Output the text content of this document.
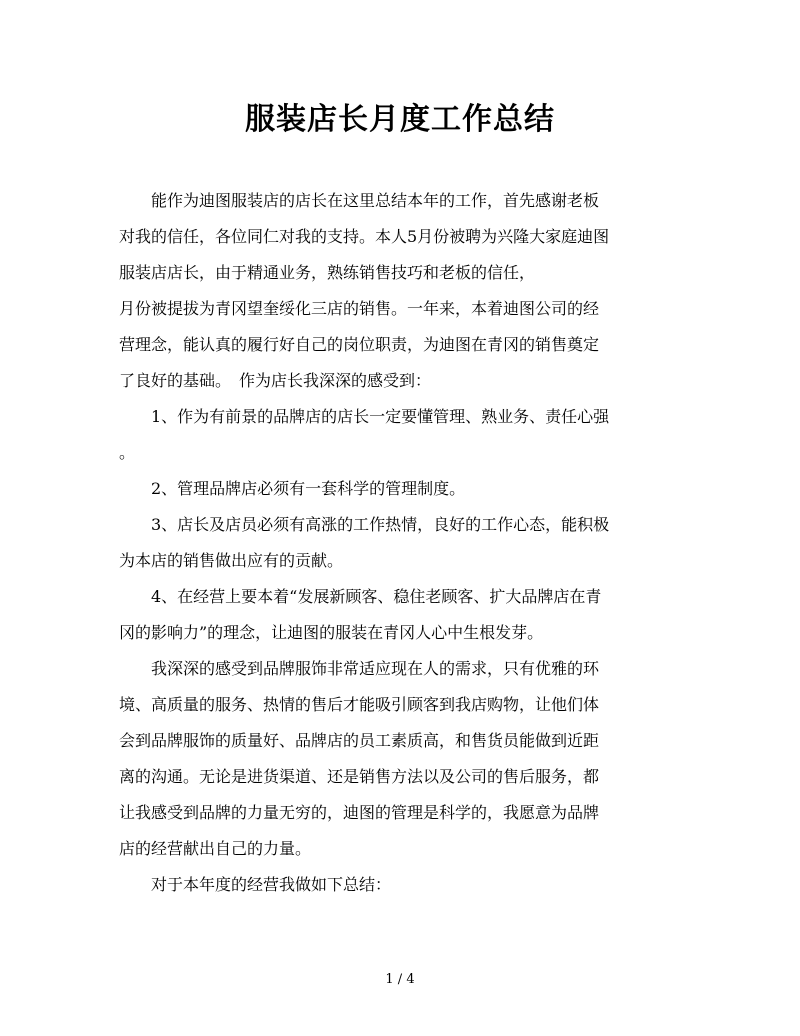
服装店长月度工作总结
　　能作为迪图服装店的店长在这里总结本年的工作，首先感谢老板
对我的信任，各位同仁对我的支持。本人5月份被聘为兴隆大家庭迪图
服装店店长，由于精通业务，熟练销售技巧和老板的信任，
月份被提拔为青冈望奎绥化三店的销售。一年来，本着迪图公司的经
营理念，能认真的履行好自己的岗位职责，为迪图在青冈的销售奠定
了良好的基础。　作为店长我深深的感受到：
　　1、作为有前景的品牌店的店长一定要懂管理、熟业务、责任心强
。
　　2、管理品牌店必须有一套科学的管理制度。
　　3、店长及店员必须有高涨的工作热情，良好的工作心态，能积极
为本店的销售做出应有的贡献。
　　4、在经营上要本着“发展新顾客、稳住老顾客、扩大品牌店在青
冈的影响力”的理念，让迪图的服装在青冈人心中生根发芽。
　　我深深的感受到品牌服饰非常适应现在人的需求，只有优雅的环
境、高质量的服务、热情的售后才能吸引顾客到我店购物，让他们体
会到品牌服饰的质量好、品牌店的员工素质高，和售货员能做到近距
离的沟通。无论是进货渠道、还是销售方法以及公司的售后服务，都
让我感受到品牌的力量无穷的，迪图的管理是科学的，我愿意为品牌
店的经营献出自己的力量。
　　对于本年度的经营我做如下总结：
1 / 4
